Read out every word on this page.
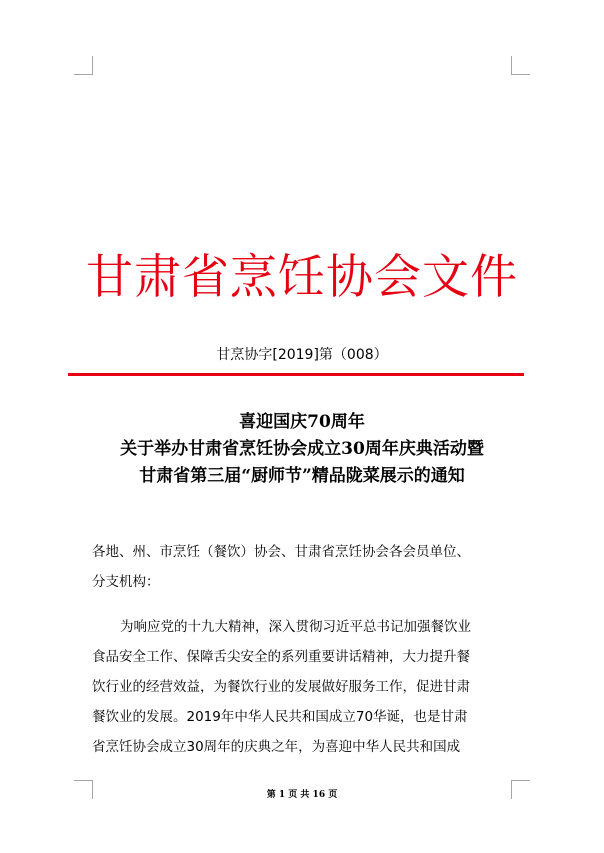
甘肃省烹饪协会文件
甘烹协字[2019]第（008）
喜迎国庆70周年
关于举办甘肃省烹饪协会成立30周年庆典活动暨
甘肃省第三届“厨师节”精品陇菜展示的通知
各地、州、市烹饪（餐饮）协会、甘肃省烹饪协会各会员单位、
分支机构：
为响应党的十九大精神，深入贯彻习近平总书记加强餐饮业
食品安全工作、保障舌尖安全的系列重要讲话精神，大力提升餐
饮行业的经营效益，为餐饮行业的发展做好服务工作，促进甘肃
餐饮业的发展。2019年中华人民共和国成立70华诞，也是甘肃
省烹饪协会成立30周年的庆典之年，为喜迎中华人民共和国成
第 1 页 共 16 页
